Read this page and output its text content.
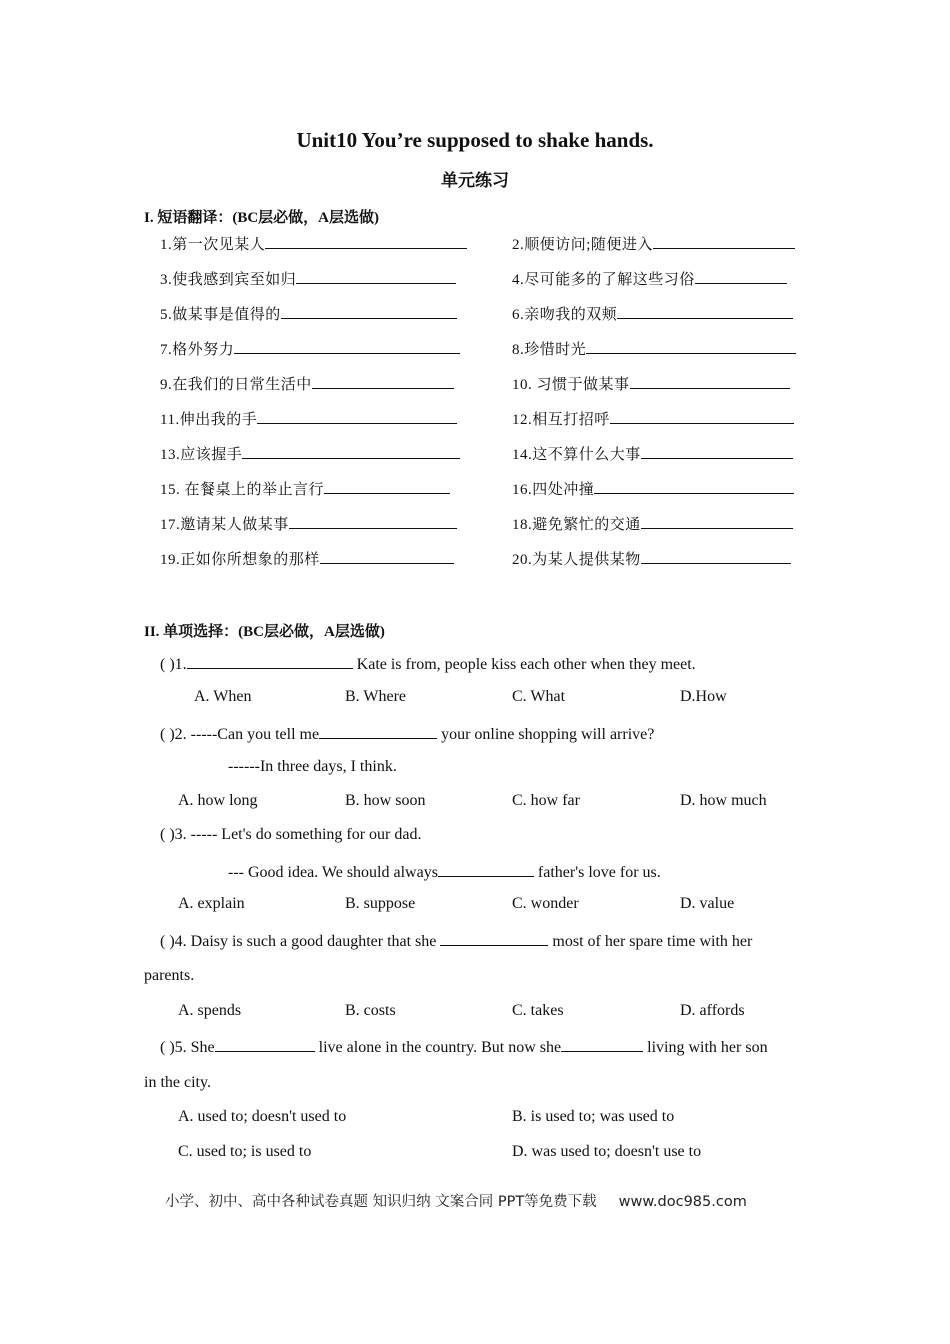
Unit10 You’re supposed to shake hands.
单元练习
I. 短语翻译：(BC层必做，A层选做)
1.第一次见某人	2.顺便访问;随便进入
3.使我感到宾至如归	4.尽可能多的了解这些习俗
5.做某事是值得的	6.亲吻我的双颊
7.格外努力	8.珍惜时光
9.在我们的日常生活中	10. 习惯于做某事
11.伸出我的手	12.相互打招呼
13.应该握手	14.这不算什么大事
15. 在餐桌上的举止言行	16.四处冲撞
17.邀请某人做某事	18.避免繁忙的交通
19.正如你所想象的那样	20.为某人提供某物
II. 单项选择：(BC层必做，A层选做)
( )1.	Kate is from, people kiss each other when they meet.
A. When	B. Where	C. What	D.How
( )2. -----Can you tell me	your online shopping will arrive?
------In three days, I think.
A. how long	B. how soon	C. how far	D. how much
( )3. ----- Let's do something for our dad.
--- Good idea. We should always	father's love for us.
A. explain	B. suppose	C. wonder	D. value
( )4. Daisy is such a good daughter that she	most of her spare time with her
parents.
A. spends	B. costs	C. takes	D. affords
( )5. She	live alone in the country. But now she	living with her son
in the city.
A. used to; doesn't used to	B. is used to; was used to
C. used to; is used to	D. was used to; doesn't use to
小学、初中、高中各种试卷真题 知识归纳 文案合同 PPT等免费下载 www.doc985.com
